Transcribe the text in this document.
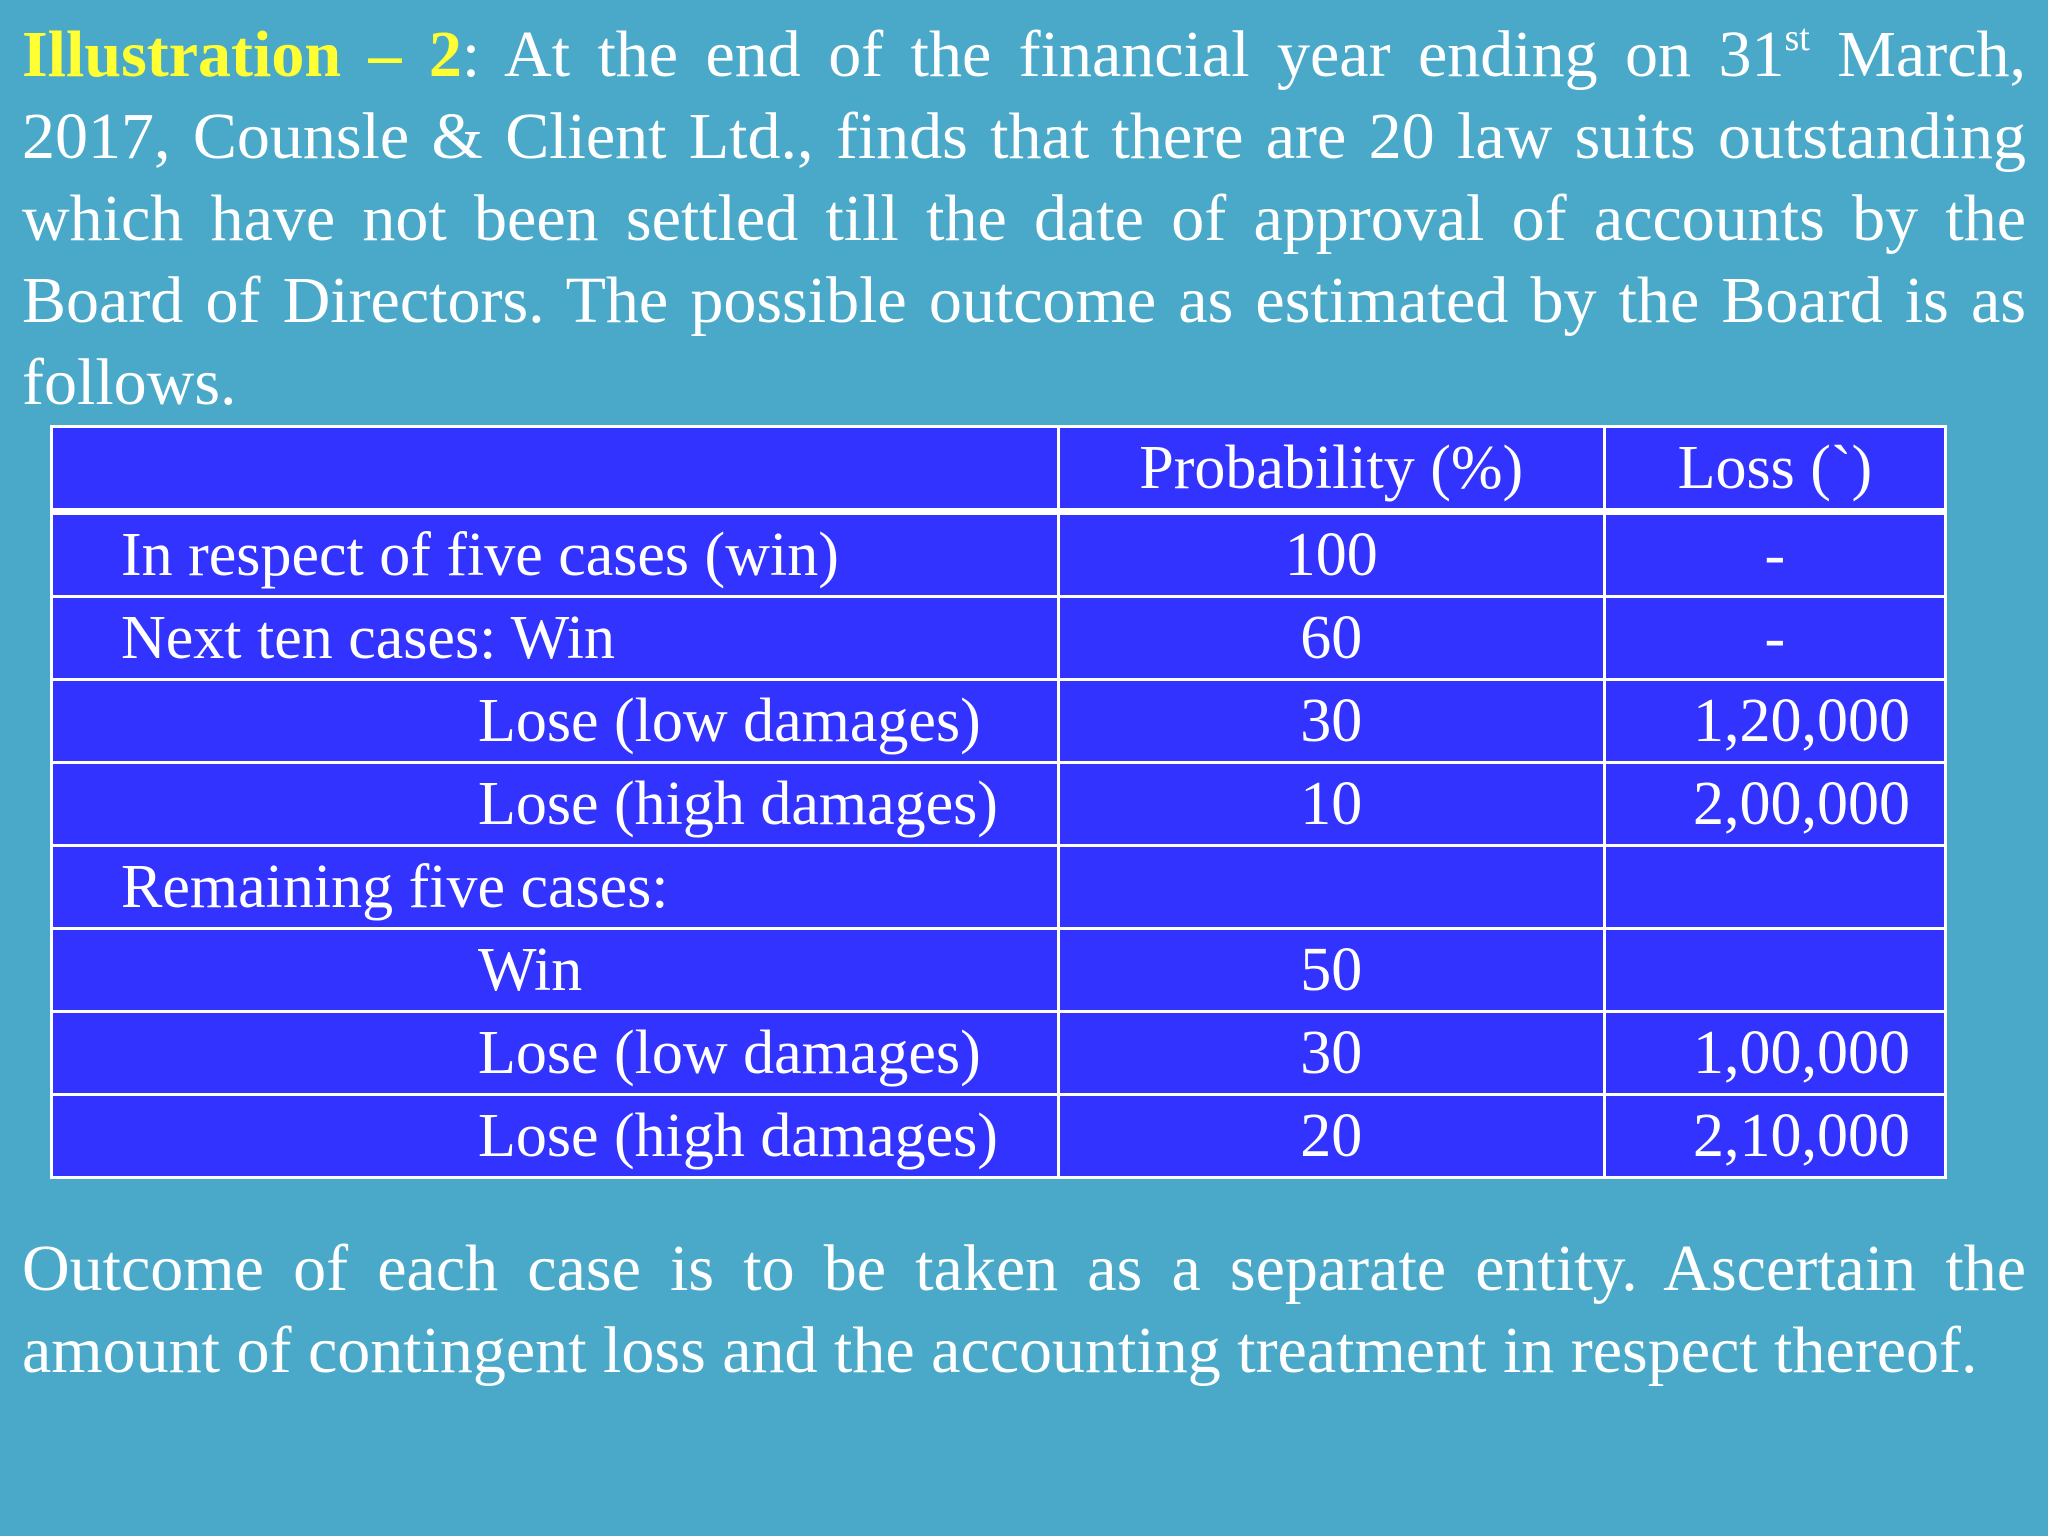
Illustration – 2: At the end of the financial year ending on 31st March, 2017, Counsle & Client Ltd., finds that there are 20 law suits outstanding which have not been settled till the date of approval of accounts by the Board of Directors. The possible outcome as estimated by the Board is as follows.

	Probability (%)	Loss (`)
In respect of five cases (win)	100	-
Next ten cases: Win	60	-
Lose (low damages)	30	1,20,000
Lose (high damages)	10	2,00,000
Remaining five cases:		
Win	50	
Lose (low damages)	30	1,00,000
Lose (high damages)	20	2,10,000

Outcome of each case is to be taken as a separate entity. Ascertain the amount of contingent loss and the accounting treatment in respect thereof.
